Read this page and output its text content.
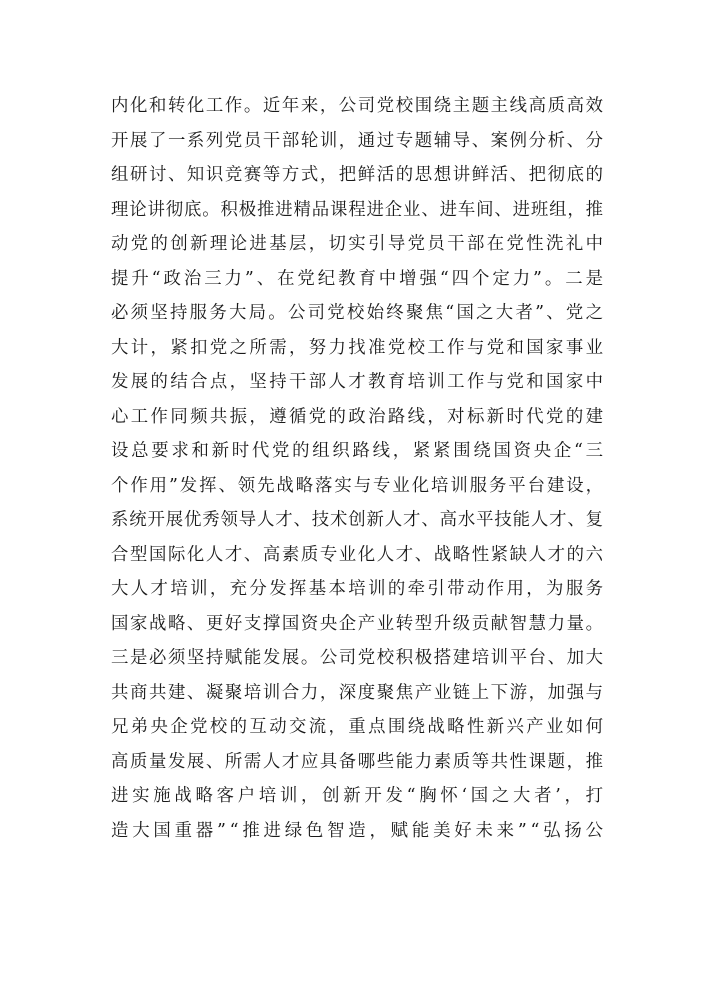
内化和转化工作。近年来，公司党校围绕主题主线高质高效
开展了一系列党员干部轮训，通过专题辅导、案例分析、分
组研讨、知识竞赛等方式，把鲜活的思想讲鲜活、把彻底的
理论讲彻底。积极推进精品课程进企业、进车间、进班组，推
动党的创新理论进基层，切实引导党员干部在党性洗礼中
提升“政治三力”、在党纪教育中增强“四个定力”。二是
必须坚持服务大局。公司党校始终聚焦“国之大者”、党之
大计，紧扣党之所需，努力找准党校工作与党和国家事业
发展的结合点，坚持干部人才教育培训工作与党和国家中
心工作同频共振，遵循党的政治路线，对标新时代党的建
设总要求和新时代党的组织路线，紧紧围绕国资央企“三
个作用”发挥、领先战略落实与专业化培训服务平台建设，
系统开展优秀领导人才、技术创新人才、高水平技能人才、复
合型国际化人才、高素质专业化人才、战略性紧缺人才的六
大人才培训，充分发挥基本培训的牵引带动作用，为服务
国家战略、更好支撑国资央企产业转型升级贡献智慧力量。
三是必须坚持赋能发展。公司党校积极搭建培训平台、加大
共商共建、凝聚培训合力，深度聚焦产业链上下游，加强与
兄弟央企党校的互动交流，重点围绕战略性新兴产业如何
高质量发展、所需人才应具备哪些能力素质等共性课题，推
进实施战略客户培训，创新开发“胸怀‘国之大者’，打
造大国重器”“推进绿色智造，赋能美好未来”“弘扬公
